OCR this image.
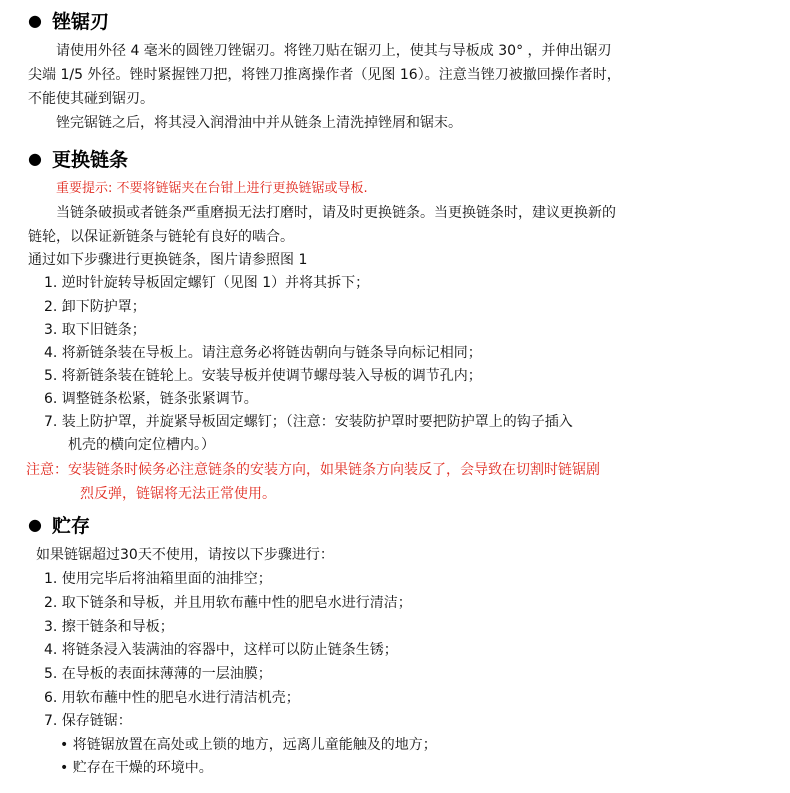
● 锉锯刃
请使用外径 4 毫米的圆锉刀锉锯刃。将锉刀贴在锯刃上，使其与导板成 30° ，并伸出锯刃
尖端 1/5 外径。锉时紧握锉刀把，将锉刀推离操作者（见图 16）。注意当锉刀被撤回操作者时，
不能使其碰到锯刃。
锉完锯链之后，将其浸入润滑油中并从链条上清洗掉锉屑和锯末。
● 更换链条
重要提示: 不要将链锯夹在台钳上进行更换链锯或导板.
当链条破损或者链条严重磨损无法打磨时，请及时更换链条。当更换链条时，建议更换新的
链轮，以保证新链条与链轮有良好的啮合。
通过如下步骤进行更换链条，图片请参照图 1
1. 逆时针旋转导板固定螺钉（见图 1）并将其拆下；
2. 卸下防护罩；
3. 取下旧链条；
4. 将新链条装在导板上。请注意务必将链齿朝向与链条导向标记相同；
5. 将新链条装在链轮上。安装导板并使调节螺母装入导板的调节孔内；
6. 调整链条松紧，链条张紧调节。
7. 装上防护罩，并旋紧导板固定螺钉；（注意：安装防护罩时要把防护罩上的钩子插入
机壳的横向定位槽内。）
注意：安装链条时候务必注意链条的安装方向，如果链条方向装反了，会导致在切割时链锯剧
烈反弹，链锯将无法正常使用。
● 贮存
如果链锯超过30天不使用，请按以下步骤进行：
1. 使用完毕后将油箱里面的油排空；
2. 取下链条和导板，并且用软布蘸中性的肥皂水进行清洁；
3. 擦干链条和导板；
4. 将链条浸入装满油的容器中，这样可以防止链条生锈；
5. 在导板的表面抹薄薄的一层油膜；
6. 用软布蘸中性的肥皂水进行清洁机壳；
7. 保存链锯：
• 将链锯放置在高处或上锁的地方，远离儿童能触及的地方；
• 贮存在干燥的环境中。
